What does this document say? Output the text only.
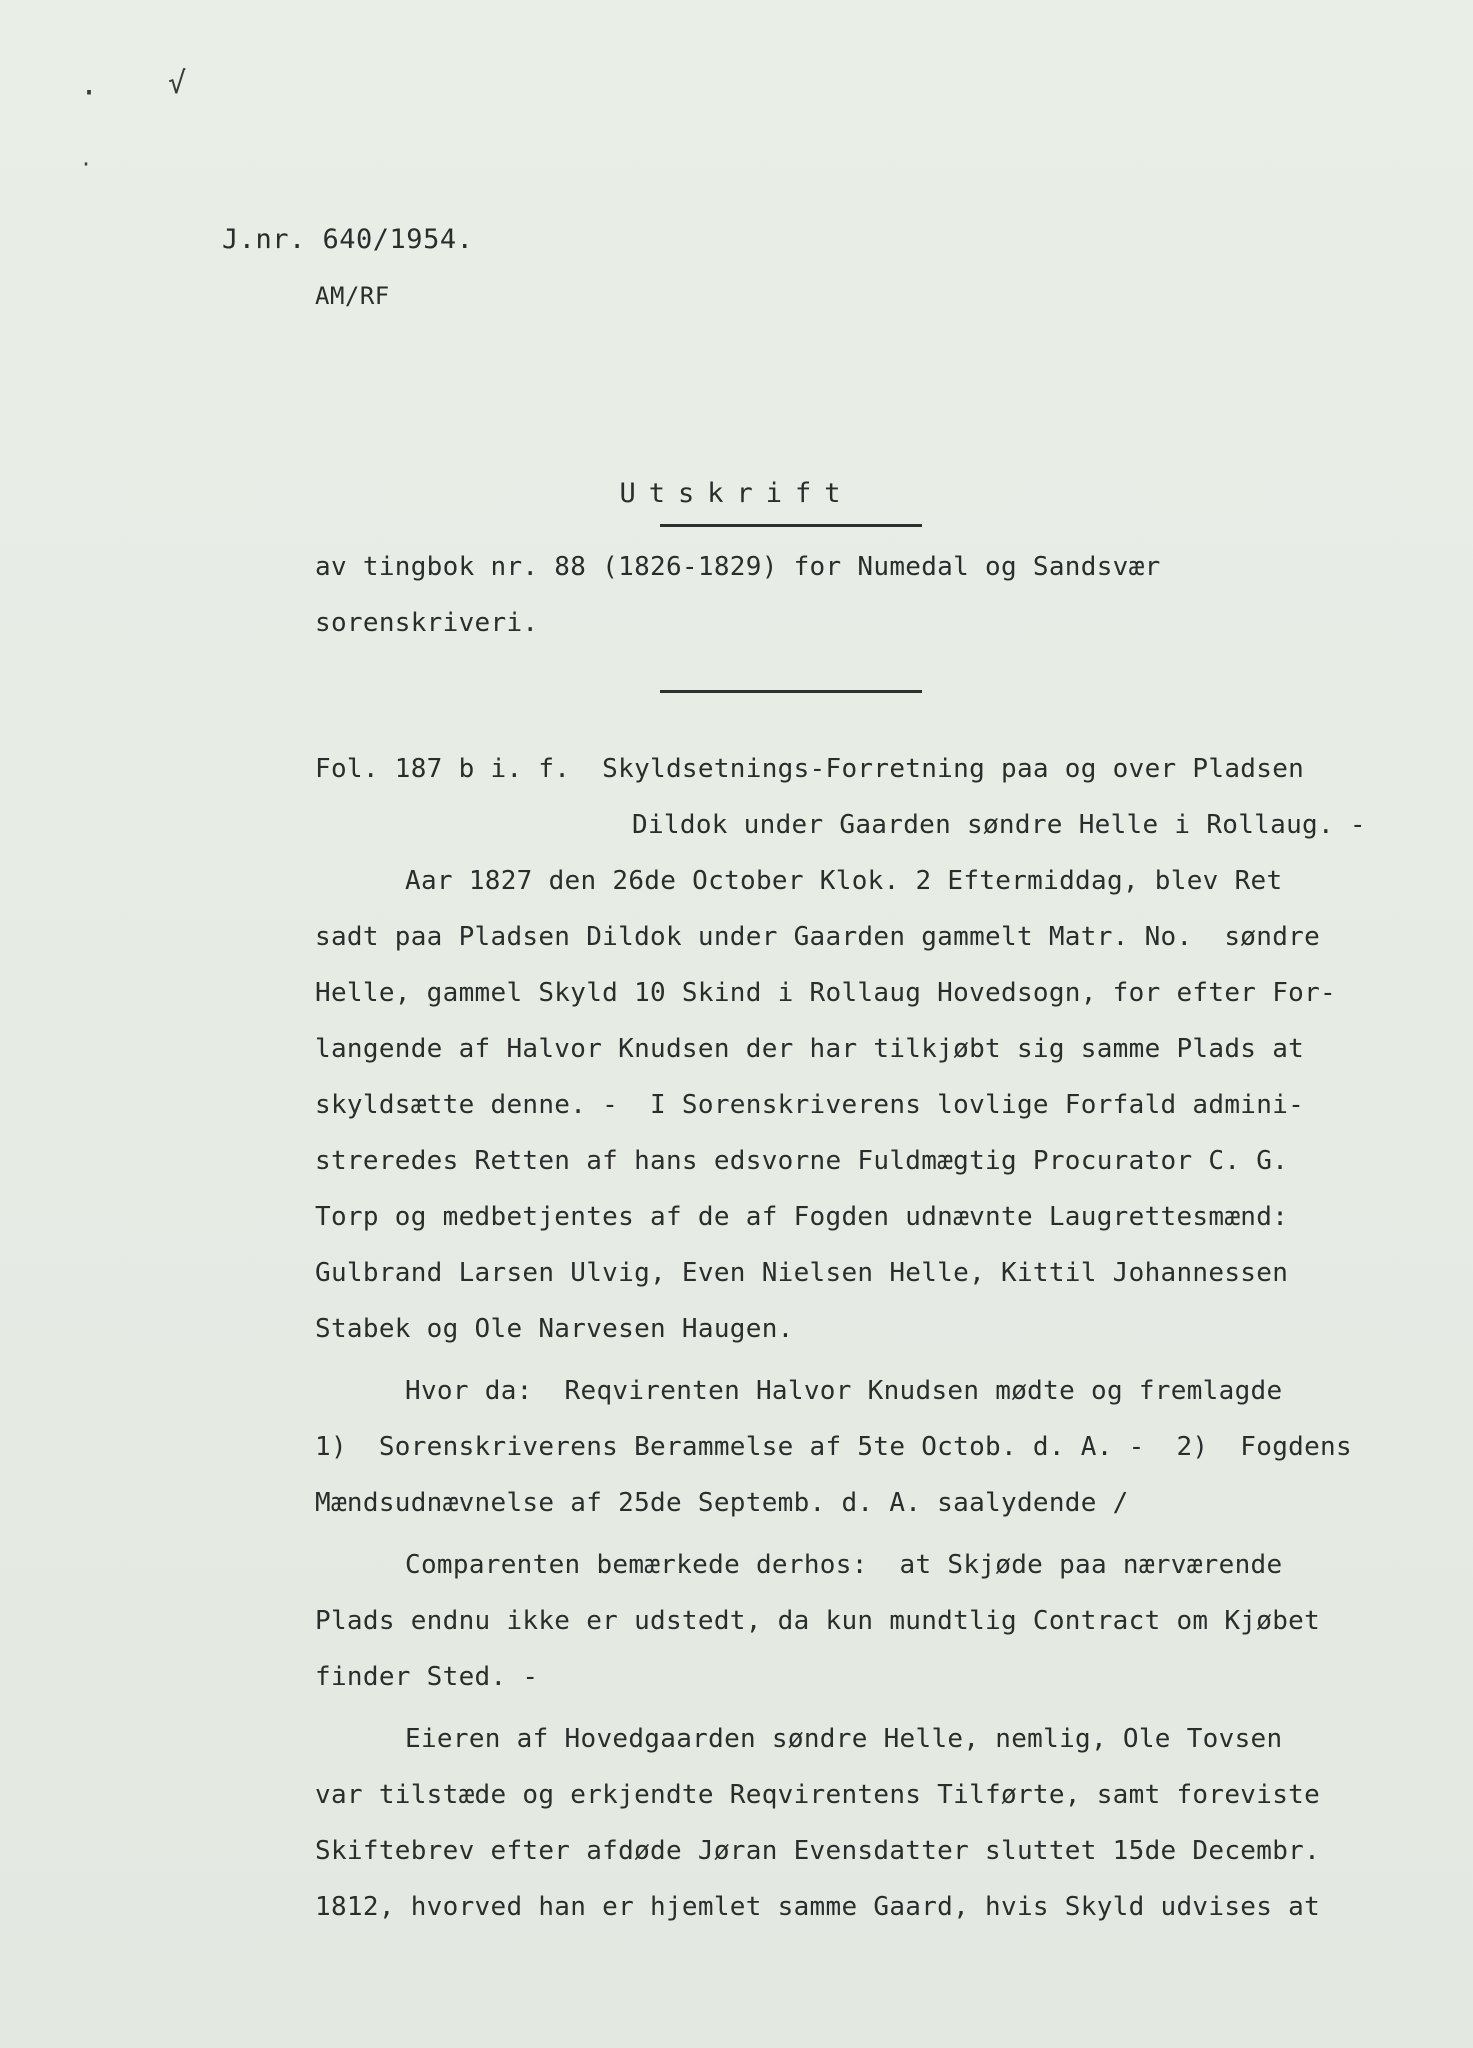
· √
·
J.nr. 640/1954.
AM/RF
Utskrift
av tingbok nr. 88 (1826-1829) for Numedal og Sandsvær
sorenskriveri.
Fol. 187 b i. f.  Skyldsetnings-Forretning paa og over Pladsen
Dildok under Gaarden søndre Helle i Rollaug. -
Aar 1827 den 26de October Klok. 2 Eftermiddag, blev Ret
sadt paa Pladsen Dildok under Gaarden gammelt Matr. No.  søndre
Helle, gammel Skyld 10 Skind i Rollaug Hovedsogn, for efter For-
langende af Halvor Knudsen der har tilkjøbt sig samme Plads at
skyldsætte denne. -  I Sorenskriverens lovlige Forfald admini-
streredes Retten af hans edsvorne Fuldmægtig Procurator C. G.
Torp og medbetjentes af de af Fogden udnævnte Laugrettesmænd:
Gulbrand Larsen Ulvig, Even Nielsen Helle, Kittil Johannessen
Stabek og Ole Narvesen Haugen.
Hvor da:  Reqvirenten Halvor Knudsen mødte og fremlagde
1)  Sorenskriverens Berammelse af 5te Octob. d. A. -  2)  Fogdens
Mændsudnævnelse af 25de Septemb. d. A. saalydende /
Comparenten bemærkede derhos:  at Skjøde paa nærværende
Plads endnu ikke er udstedt, da kun mundtlig Contract om Kjøbet
finder Sted. -
Eieren af Hovedgaarden søndre Helle, nemlig, Ole Tovsen
var tilstæde og erkjendte Reqvirentens Tilførte, samt foreviste
Skiftebrev efter afdøde Jøran Evensdatter sluttet 15de Decembr.
1812, hvorved han er hjemlet samme Gaard, hvis Skyld udvises at
